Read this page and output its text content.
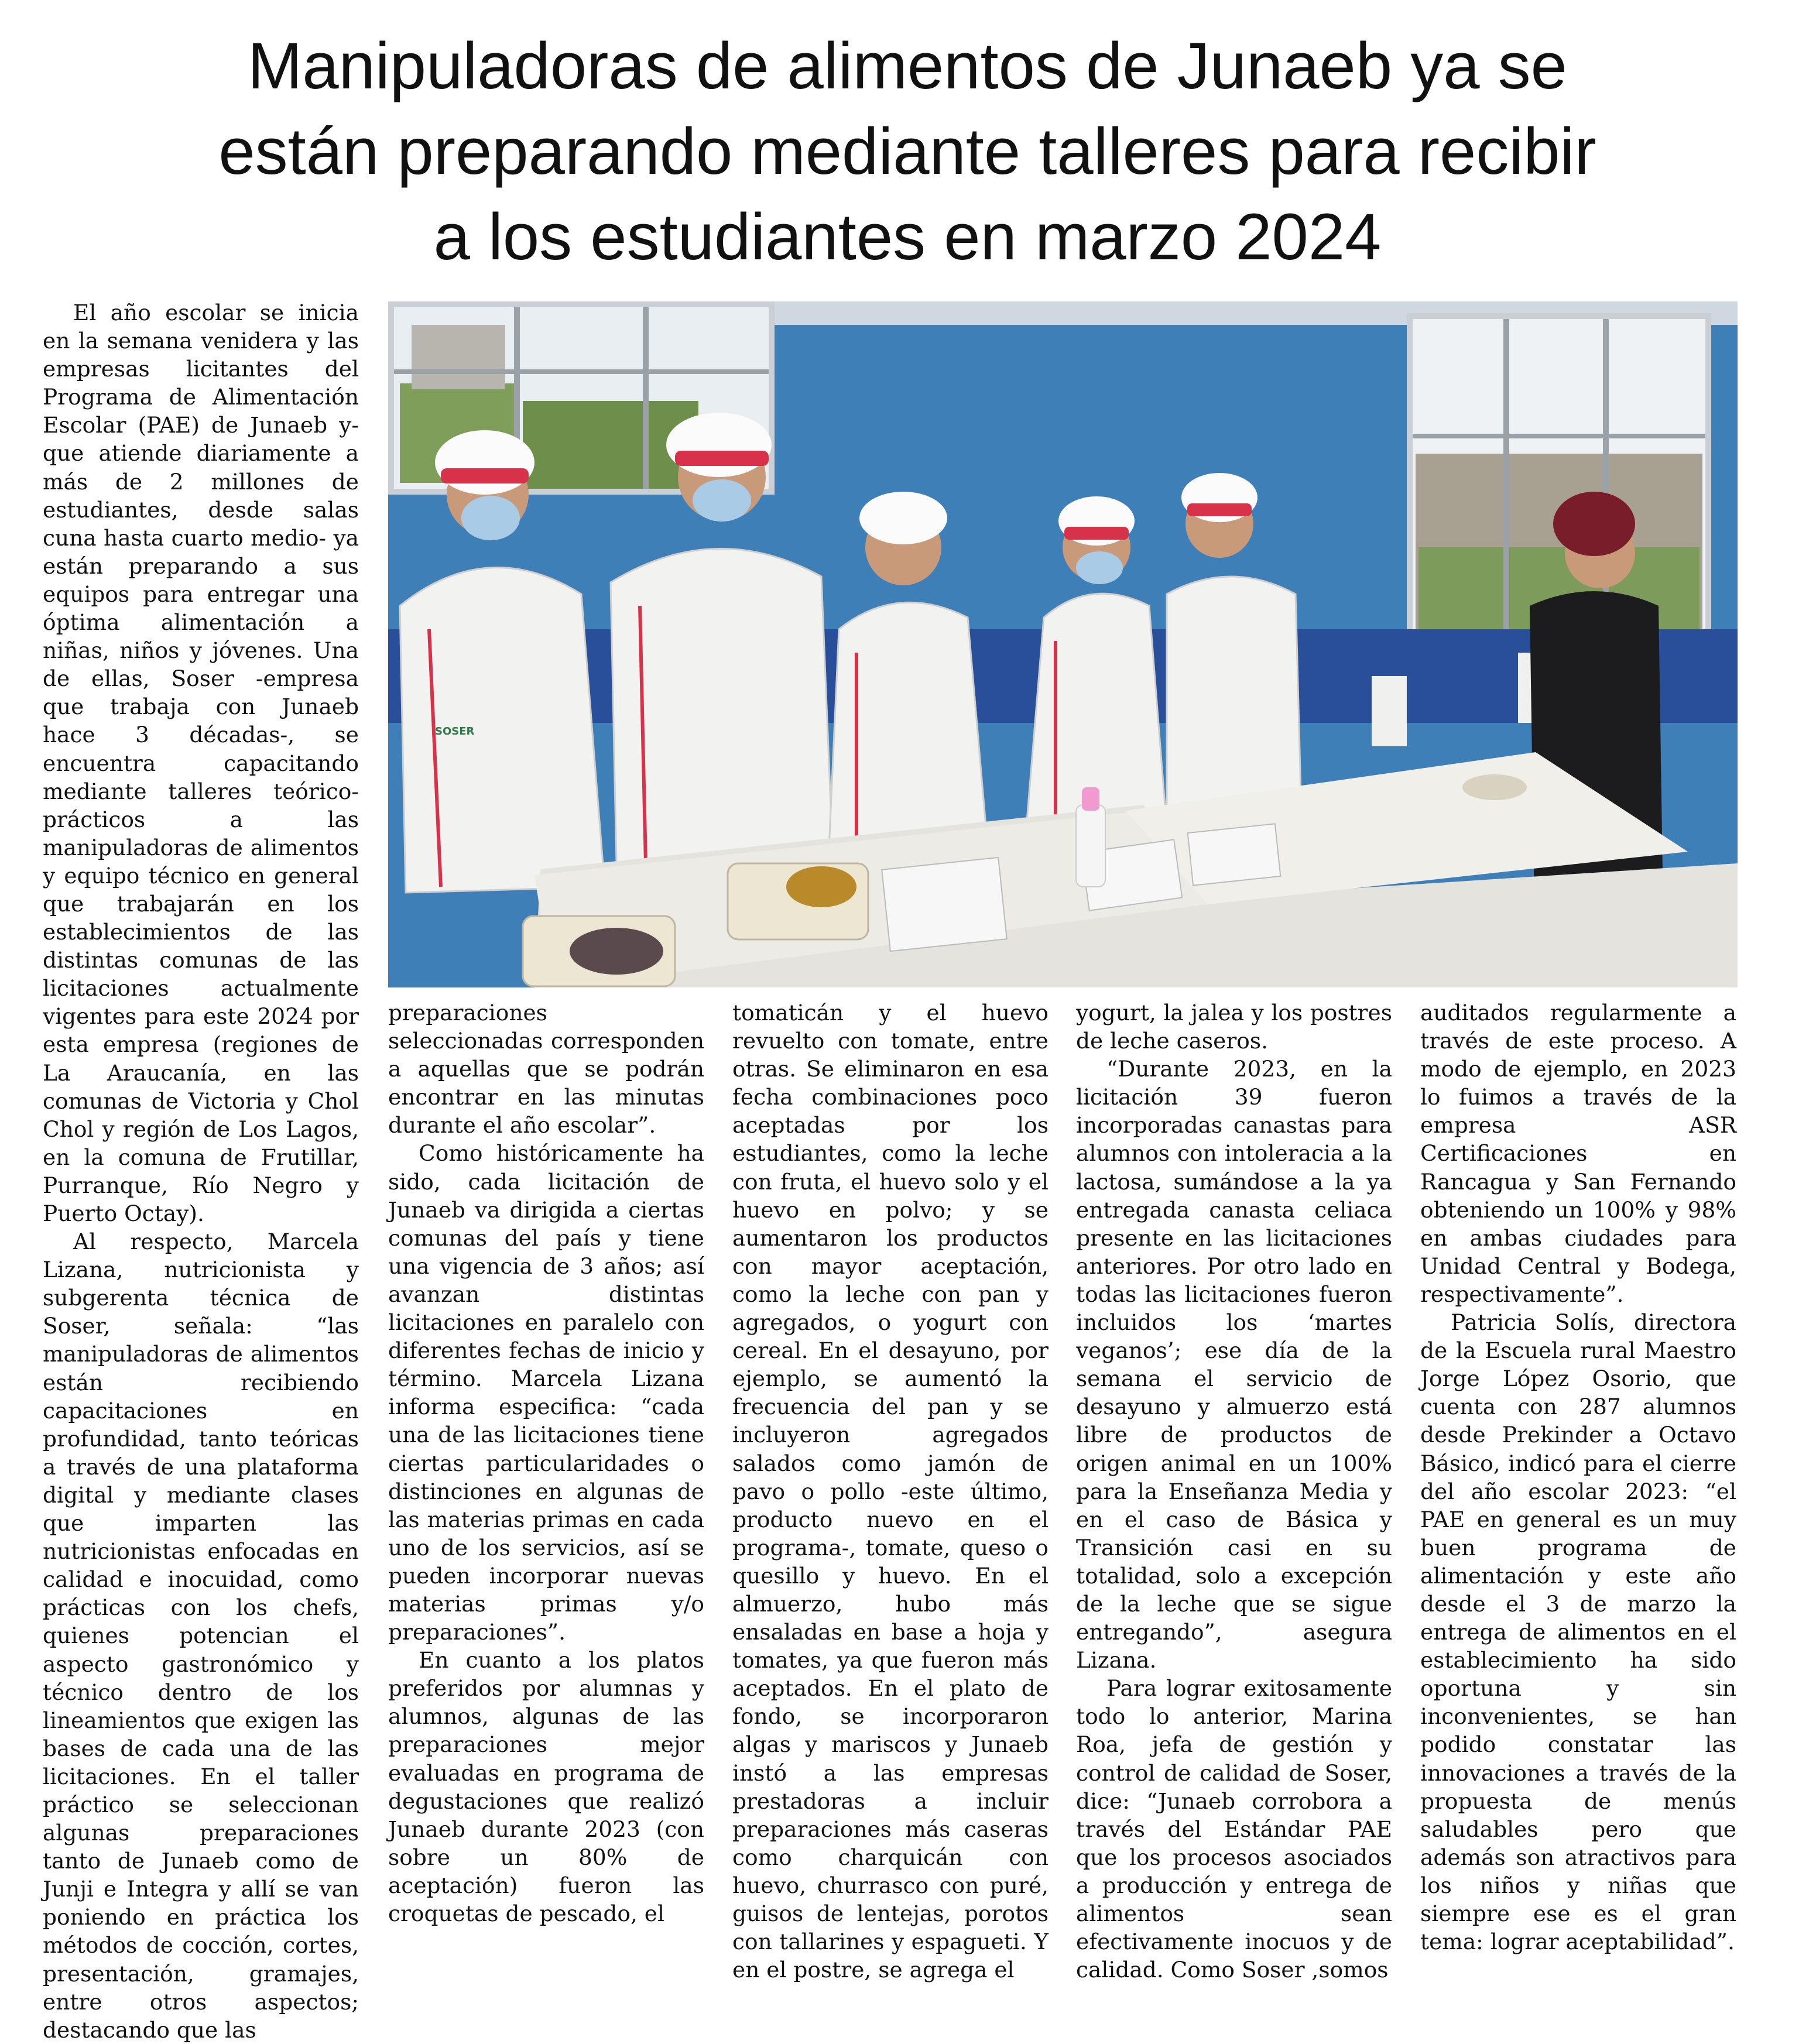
Manipuladoras de alimentos de Junaeb ya se
están preparando mediante talleres para recibir
a los estudiantes en marzo 2024

El año escolar se inicia en la semana venidera y las empresas licitantes del Programa de Alimentación Escolar (PAE) de Junaeb y-que atiende diariamente a más de 2 millones de estudiantes, desde salas cuna hasta cuarto medio- ya están preparando a sus equipos para entregar una óptima alimentación a niñas, niños y jóvenes. Una de ellas, Soser -empresa que trabaja con Junaeb hace 3 décadas-, se encuentra capacitando mediante talleres teórico-prácticos a las manipuladoras de alimentos y equipo técnico en general que trabajarán en los establecimientos de las distintas comunas de las licitaciones actualmente vigentes para este 2024 por esta empresa (regiones de La Araucanía, en las comunas de Victoria y Chol Chol y región de Los Lagos, en la comuna de Frutillar, Purranque, Río Negro y Puerto Octay).

Al respecto, Marcela Lizana, nutricionista y subgerenta técnica de Soser, señala: “las manipuladoras de alimentos están recibiendo capacitaciones en profundidad, tanto teóricas a través de una plataforma digital y mediante clases que imparten las nutricionistas enfocadas en calidad e inocuidad, como prácticas con los chefs, quienes potencian el aspecto gastronómico y técnico dentro de los lineamientos que exigen las bases de cada una de las licitaciones. En el taller práctico se seleccionan algunas preparaciones tanto de Junaeb como de Junji e Integra y allí se van poniendo en práctica los métodos de cocción, cortes, presentación, gramajes, entre otros aspectos; destacando que las

SOSER

preparaciones seleccionadas corresponden a aquellas que se podrán encontrar en las minutas durante el año escolar”.

Como históricamente ha sido, cada licitación de Junaeb va dirigida a ciertas comunas del país y tiene una vigencia de 3 años; así avanzan distintas licitaciones en paralelo con diferentes fechas de inicio y término. Marcela Lizana informa especifica: “cada una de las licitaciones tiene ciertas particularidades o distinciones en algunas de las materias primas en cada uno de los servicios, así se pueden incorporar nuevas materias primas y/o preparaciones”.

En cuanto a los platos preferidos por alumnas y alumnos, algunas de las preparaciones mejor evaluadas en programa de degustaciones que realizó Junaeb durante 2023 (con sobre un 80% de aceptación) fueron las croquetas de pescado, el

tomaticán y el huevo revuelto con tomate, entre otras. Se eliminaron en esa fecha combinaciones poco aceptadas por los estudiantes, como la leche con fruta, el huevo solo y el huevo en polvo; y se aumentaron los productos con mayor aceptación, como la leche con pan y agregados, o yogurt con cereal. En el desayuno, por ejemplo, se aumentó la frecuencia del pan y se incluyeron agregados salados como jamón de pavo o pollo -este último, producto nuevo en el programa-, tomate, queso o quesillo y huevo. En el almuerzo, hubo más ensaladas en base a hoja y tomates, ya que fueron más aceptados. En el plato de fondo, se incorporaron algas y mariscos y Junaeb instó a las empresas prestadoras a incluir preparaciones más caseras como charquicán con huevo, churrasco con puré, guisos de lentejas, porotos con tallarines y espagueti. Y en el postre, se agrega el

yogurt, la jalea y los postres de leche caseros.

“Durante 2023, en la licitación 39 fueron incorporadas canastas para alumnos con intoleracia a la lactosa, sumándose a la ya entregada canasta celiaca presente en las licitaciones anteriores. Por otro lado en todas las licitaciones fueron incluidos los ‘martes veganos’; ese día de la semana el servicio de desayuno y almuerzo está libre de productos de origen animal en un 100% para la Enseñanza Media y en el caso de Básica y Transición casi en su totalidad, solo a excepción de la leche que se sigue entregando”, asegura Lizana.

Para lograr exitosamente todo lo anterior, Marina Roa, jefa de gestión y control de calidad de Soser, dice: “Junaeb corrobora a través del Estándar PAE que los procesos asociados a producción y entrega de alimentos sean efectivamente inocuos y de calidad. Como Soser ,somos

auditados regularmente a través de este proceso. A modo de ejemplo, en 2023 lo fuimos a través de la empresa ASR Certificaciones en Rancagua y San Fernando obteniendo un 100% y 98% en ambas ciudades para Unidad Central y Bodega, respectivamente”.

Patricia Solís, directora de la Escuela rural Maestro Jorge López Osorio, que cuenta con 287 alumnos desde Prekinder a Octavo Básico, indicó para el cierre del año escolar 2023: “el PAE en general es un muy buen programa de alimentación y este año desde el 3 de marzo la entrega de alimentos en el establecimiento ha sido oportuna y sin inconvenientes, se han podido constatar las innovaciones a través de la propuesta de menús saludables pero que además son atractivos para los niños y niñas que siempre ese es el gran tema: lograr aceptabilidad”.
